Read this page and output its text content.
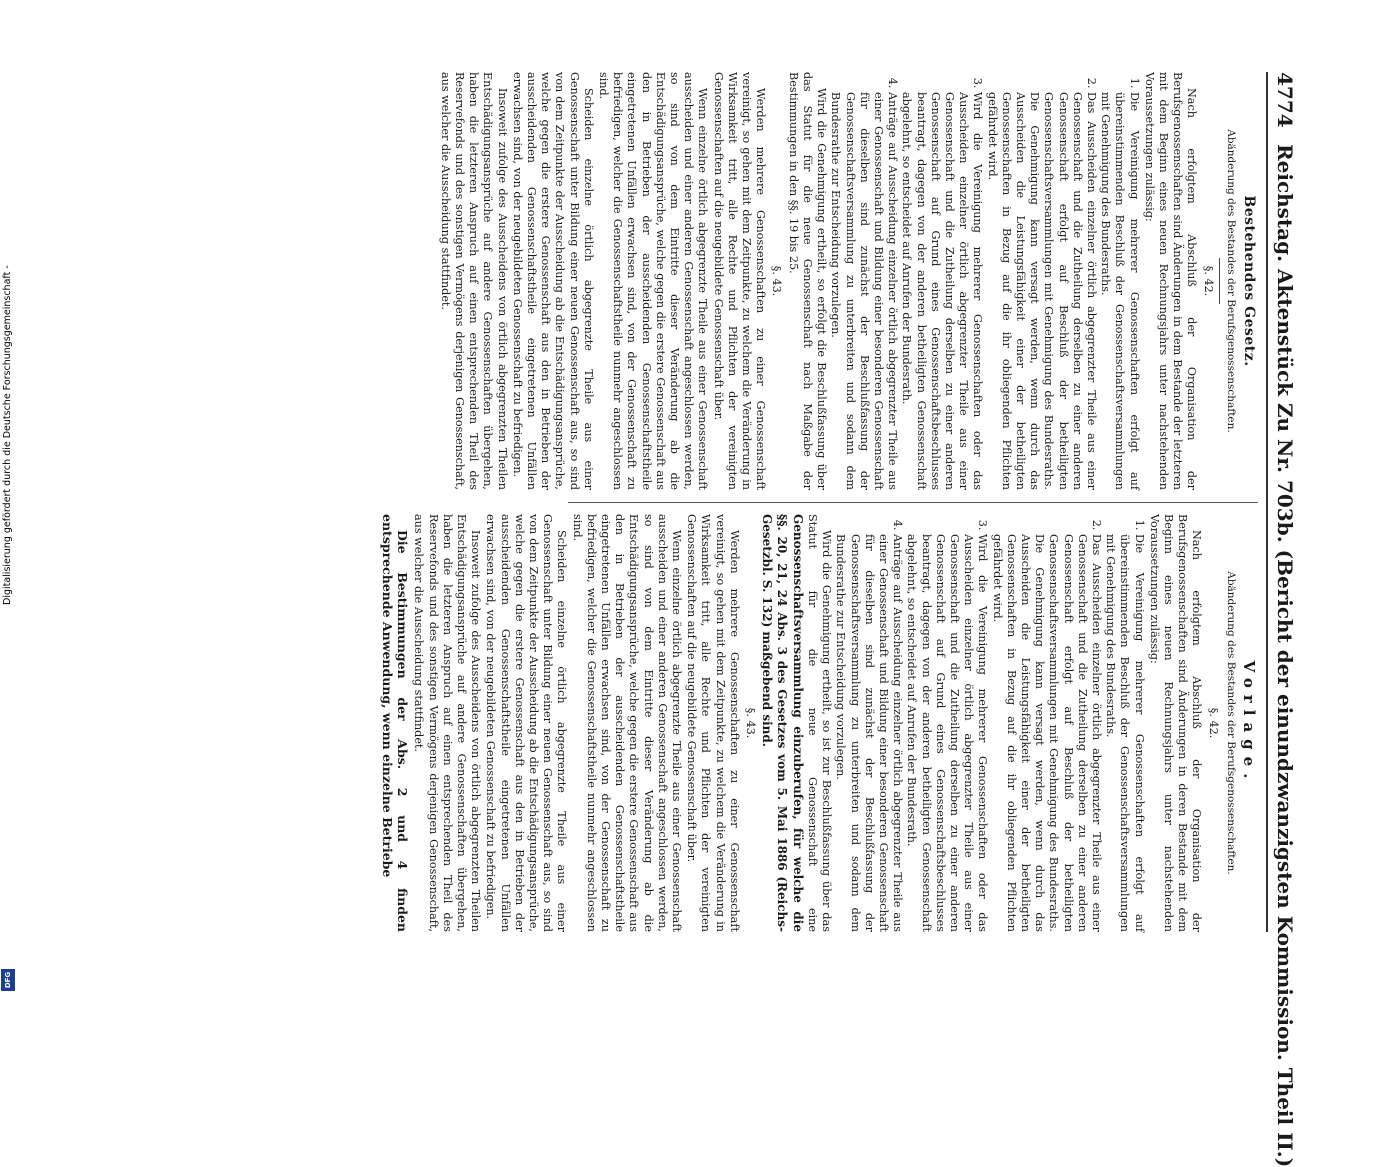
4774
Reichstag. Aktenstück Zu Nr. 703b. (Bericht der einundzwanzigsten Kommission. Theil II.)
Bestehendes Gesetz.
Abänderung des Bestandes der Berufsgenossenschaften.
§. 42.

Nach erfolgtem Abschluß der Organisation der Berufsgenossenschaften sind Änderungen in dem Bestande der letzteren mit dem Beginn eines neuen Rechnungsjahrs unter nachstehenden Voraussetzungen zulässig:

1. Die Vereinigung mehrerer Genossenschaften erfolgt auf übereinstimmenden Beschluß der Genossenschaftsversammlungen mit Genehmigung des Bundesraths.
2. Das Ausscheiden einzelner örtlich abgegrenzter Theile aus einer Genossenschaft und die Zutheilung derselben zu einer anderen Genossenschaft erfolgt auf Beschluß der betheiligten Genossenschaftsversammlungen mit Genehmigung des Bundesraths. Die Genehmigung kann versagt werden, wenn durch das Ausscheiden die Leistungsfähigkeit einer der betheiligten Genossenschaften in Bezug auf die ihr obliegenden Pflichten gefährdet wird.
3. Wird die Vereinigung mehrerer Genossenschaften oder das Ausscheiden einzelner örtlich abgegrenzter Theile aus einer Genossenschaft und die Zutheilung derselben zu einer anderen Genossenschaft auf Grund eines Genossenschaftsbeschlusses beantragt, dagegen von der anderen betheiligten Genossenschaft abgelehnt, so entscheidet auf Anrufen der Bundesrath.
4. Anträge auf Ausscheidung einzelner örtlich abgegrenzter Theile aus einer Genossenschaft und Bildung einer besonderen Genossenschaft für dieselben sind zunächst der Beschlußfassung der Genossenschaftsversammlung zu unterbreiten und sodann dem Bundesrathe zur Entscheidung vorzulegen.

Wird die Genehmigung ertheilt, so erfolgt die Beschlußfassung über das Statut für die neue Genossenschaft nach Maßgabe der Bestimmungen in den §§. 19 bis 25.

§. 43.

Werden mehrere Genossenschaften zu einer Genossenschaft vereinigt, so gehen mit dem Zeitpunkte, zu welchem die Veränderung in Wirksamkeit tritt, alle Rechte und Pflichten der vereinigten Genossenschaften auf die neugebildete Genossenschaft über.

Wenn einzelne örtlich abgegrenzte Theile aus einer Genossenschaft ausscheiden und einer anderen Genossenschaft angeschlossen werden, so sind von dem Eintritte dieser Veränderung ab die Entschädigungsansprüche, welche gegen die erstere Genossenschaft aus den in Betrieben der ausscheidenden Genossenschaftstheile eingetretenen Unfällen erwachsen sind, von der Genossenschaft zu befriedigen, welcher die Genossenschaftstheile nunmehr angeschlossen sind.

Scheiden einzelne örtlich abgegrenzte Theile aus einer Genossenschaft unter Bildung einer neuen Genossenschaft aus, so sind von dem Zeitpunkte der Ausscheidung ab die Entschädigungsansprüche, welche gegen die erstere Genossenschaft aus den in Betrieben der ausscheidenden Genossenschaftstheile eingetretenen Unfällen erwachsen sind, von der neugebildeten Genossenschaft zu befriedigen.

Insoweit zufolge des Ausscheidens von örtlich abgegrenzten Theilen Entschädigungsansprüche auf andere Genossenschaften übergehen, haben die letzteren Anspruch auf einen entsprechenden Theil des Reservefonds und des sonstigen Vermögens derjenigen Genossenschaft, aus welcher die Ausscheidung stattfindet.

Vorlage.
Abänderung des Bestandes der Berufsgenossenschaften.
§. 42.

Nach erfolgtem Abschluß der Organisation der Berufsgenossenschaften sind Änderungen in deren Bestande mit dem Beginn eines neuen Rechnungsjahrs unter nachstehenden Voraussetzungen zulässig:

1. Die Vereinigung mehrerer Genossenschaften erfolgt auf übereinstimmenden Beschluß der Genossenschaftsversammlungen mit Genehmigung des Bundesraths.
2. Das Ausscheiden einzelner örtlich abgegrenzter Theile aus einer Genossenschaft und die Zutheilung derselben zu einer anderen Genossenschaft erfolgt auf Beschluß der betheiligten Genossenschaftsversammlungen mit Genehmigung des Bundesraths. Die Genehmigung kann versagt werden, wenn durch das Ausscheiden die Leistungsfähigkeit einer der betheiligten Genossenschaften in Bezug auf die ihr obliegenden Pflichten gefährdet wird.
3. Wird die Vereinigung mehrerer Genossenschaften oder das Ausscheiden einzelner örtlich abgegrenzter Theile aus einer Genossenschaft und die Zutheilung derselben zu einer anderen Genossenschaft auf Grund eines Genossenschaftsbeschlusses beantragt, dagegen von der anderen betheiligten Genossenschaft abgelehnt, so entscheidet auf Anrufen der Bundesrath.
4. Anträge auf Ausscheidung einzelner örtlich abgegrenzter Theile aus einer Genossenschaft und Bildung einer besonderen Genossenschaft für dieselben sind zunächst der Beschlußfassung der Genossenschaftsversammlung zu unterbreiten und sodann dem Bundesrathe zur Entscheidung vorzulegen.

Wird die Genehmigung ertheilt, so ist zur Beschlußfassung über das Statut für die neue Genossenschaft eine Genossenschaftsversammlung einzuberufen, für welche die §§. 20, 21, 24 Abs. 3 des Gesetzes vom 5. Mai 1886 (Reichs-Gesetzbl. S. 132) maßgebend sind.

§. 43.

Werden mehrere Genossenschaften zu einer Genossenschaft vereinigt, so gehen mit dem Zeitpunkte, zu welchem die Veränderung in Wirksamkeit tritt, alle Rechte und Pflichten der vereinigten Genossenschaften auf die neugebildete Genossenschaft über.

Wenn einzelne örtlich abgegrenzte Theile aus einer Genossenschaft ausscheiden und einer anderen Genossenschaft angeschlossen werden, so sind von dem Eintritte dieser Veränderung ab die Entschädigungsansprüche, welche gegen die erstere Genossenschaft aus den in Betrieben der ausscheidenden Genossenschaftstheile eingetretenen Unfällen erwachsen sind, von der Genossenschaft zu befriedigen, welcher die Genossenschaftstheile nunmehr angeschlossen sind.

Scheiden einzelne örtlich abgegrenzte Theile aus einer Genossenschaft unter Bildung einer neuen Genossenschaft aus, so sind von dem Zeitpunkte der Ausscheidung ab die Entschädigungsansprüche, welche gegen die erstere Genossenschaft aus den in Betrieben der ausscheidenden Genossenschaftstheile eingetretenen Unfällen erwachsen sind, von der neugebildeten Genossenschaft zu befriedigen.

Insoweit zufolge des Ausscheidens von örtlich abgegrenzten Theilen Entschädigungsansprüche auf andere Genossenschaften übergehen, haben die letzteren Anspruch auf einen entsprechenden Theil des Reservefonds und des sonstigen Vermögens derjenigen Genossenschaft, aus welcher die Ausscheidung stattfindet.

Die Bestimmungen der Abs. 2 und 4 finden entsprechende Anwendung, wenn einzelne Betriebe

Digitalisierung gefördert durch die Deutsche Forschungsgemeinschaft -
DFG
